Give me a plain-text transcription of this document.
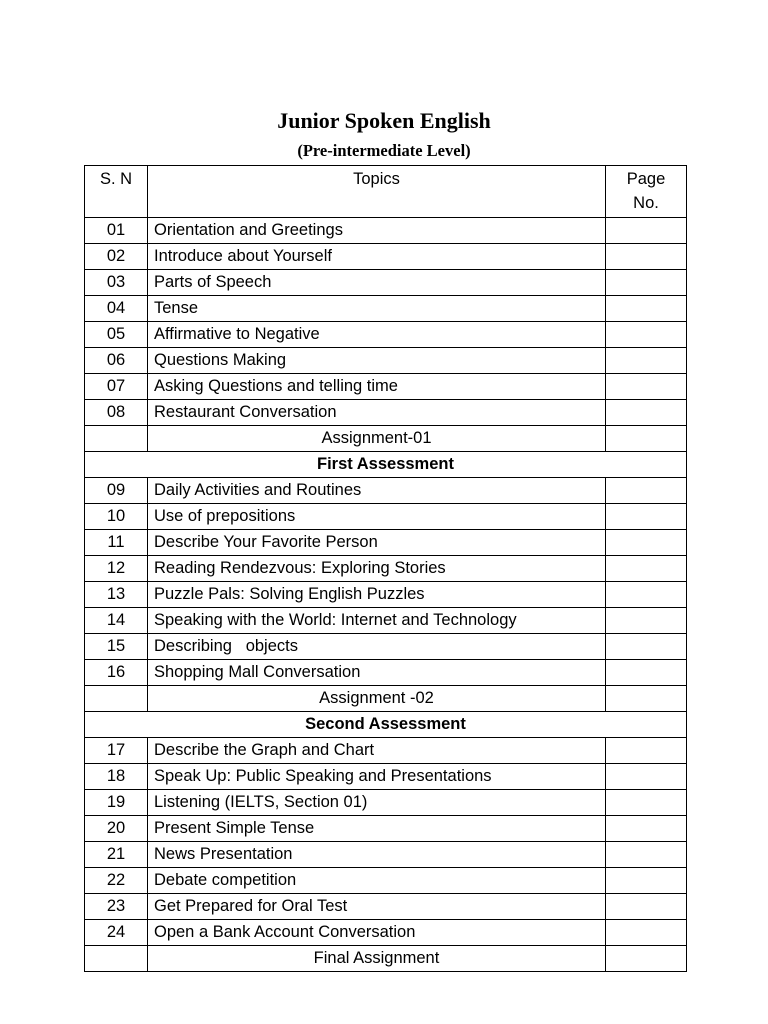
Junior Spoken English
(Pre-intermediate Level)
S. N	Topics	Page No.
01	Orientation and Greetings	
02	Introduce about Yourself	
03	Parts of Speech	
04	Tense	
05	Affirmative to Negative	
06	Questions Making	
07	Asking Questions and telling time	
08	Restaurant Conversation	
	Assignment-01	
First Assessment		
09	Daily Activities and Routines	
10	Use of prepositions	
11	Describe Your Favorite Person	
12	Reading Rendezvous: Exploring Stories	
13	Puzzle Pals: Solving English Puzzles	
14	Speaking with the World: Internet and Technology	
15	Describing   objects	
16	Shopping Mall Conversation	
	Assignment -02	
Second Assessment		
17	Describe the Graph and Chart	
18	Speak Up: Public Speaking and Presentations	
19	Listening (IELTS, Section 01)	
20	Present Simple Tense	
21	News Presentation	
22	Debate competition	
23	Get Prepared for Oral Test	
24	Open a Bank Account Conversation	
	Final Assignment	
